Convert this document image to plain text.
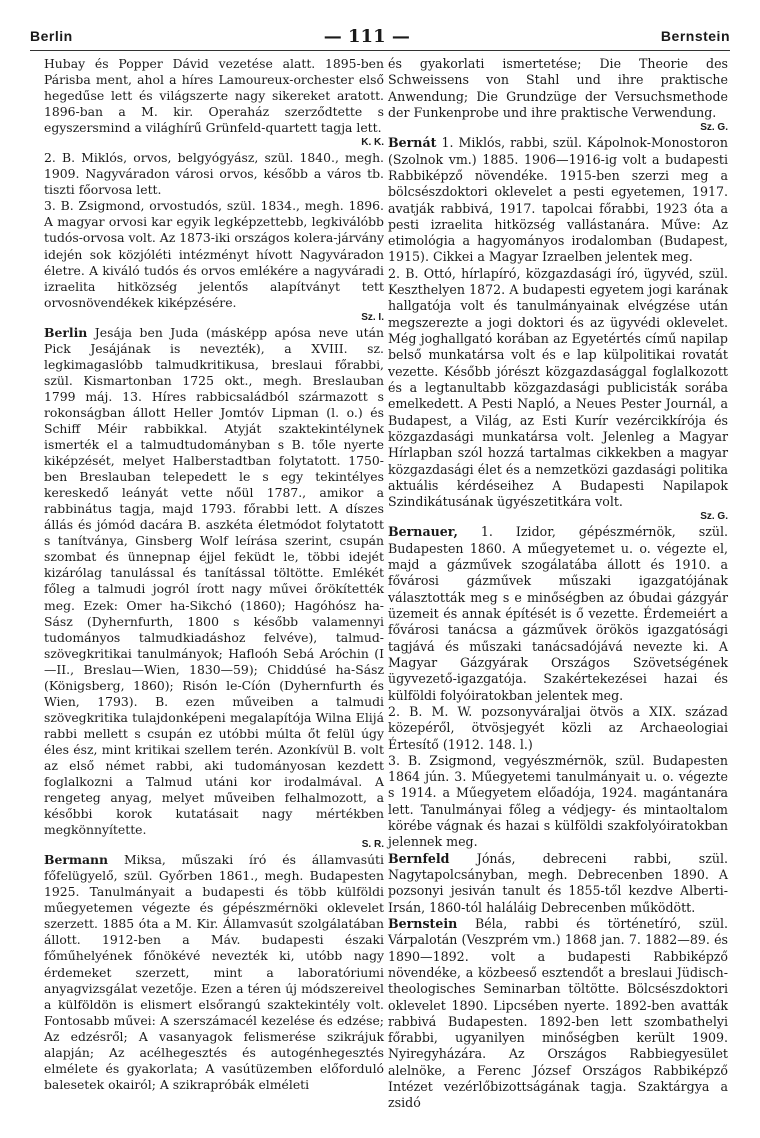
Berlin	— 111 —	Bernstein

Hubay és Popper Dávid vezetése alatt. 1895-ben Párisba ment, ahol a híres Lamoureux-orchester első hegedűse lett és világszerte nagy sikereket aratott. 1896-ban a M. kir. Operaház szerződtette s egyszersmind a világhírű Grünfeld-quartett tagja lett.

K. K.

2. B. Miklós, orvos, belgyógyász, szül. 1840., megh. 1909. Nagyváradon városi orvos, később a város tb. tiszti főorvosa lett.

3. B. Zsigmond, orvostudós, szül. 1834., megh. 1896. A magyar orvosi kar egyik legképzettebb, legkiválóbb tudós-orvosa volt. Az 1873-iki országos kolera-járvány idején sok közjóléti intézményt hívott Nagyváradon életre. A kiváló tudós és orvos emlékére a nagyváradi izraelita hitközség jelentős alapítványt tett orvosnövendékek kiképzésére.

Sz. I.

Berlin Jesája ben Juda (másképp apósa neve után Pick Jesájának is nevezték), a XVIII. sz. legkimagaslóbb talmudkritikusa, breslaui főrabbi, szül. Kismartonban 1725 okt., megh. Breslauban 1799 máj. 13. Híres rabbicsaládból származott s rokonságban állott Heller Jomtóv Lipman (l. o.) és Schiff Méir rabbikkal. Atyját szaktekintélynek ismerték el a talmudtudományban s B. tőle nyerte kiképzését, melyet Halberstadtban folytatott. 1750-ben Breslauban telepedett le s egy tekintélyes kereskedő leányát vette nőül 1787., amikor a rabbinátus tagja, majd 1793. főrabbi lett. A díszes állás és jómód dacára B. aszkéta életmódot folytatott s tanítványa, Ginsberg Wolf leírása szerint, csupán szombat és ünnepnap éjjel feküdt le, többi idejét kizárólag tanulással és tanítással töltötte. Emlékét főleg a talmudi jogról írott nagy művei őrökítették meg. Ezek: Omer ha-Sikchó (1860); Hagóhósz ha-Sász (Dyhernfurth, 1800 s később valamennyi tudományos talmudkiadáshoz felvéve), talmud-szövegkritikai tanulmányok; Hafloóh Sebá Aróchin (I—II., Breslau—Wien, 1830—59); Chiddúsé ha-Sász (Königsberg, 1860); Risón le-Cíón (Dyhernfurth és Wien, 1793). B. ezen műveiben a talmudi szövegkritika tulajdonképeni megalapítója Wilna Elijá rabbi mellett s csupán ez utóbbi múlta őt felül úgy éles ész, mint kritikai szellem terén. Azonkívül B. volt az első német rabbi, aki tudományosan kezdett foglalkozni a Talmud utáni kor irodalmával. A rengeteg anyag, melyet műveiben felhalmozott, a későbbi korok kutatásait nagy mértékben megkönnyítette.

S. R.

Bermann Miksa, műszaki író és államvasúti főfelügyelő, szül. Győrben 1861., megh. Budapesten 1925. Tanulmányait a budapesti és több külföldi műegyetemen végezte és gépészmérnöki oklevelet szerzett. 1885 óta a M. Kir. Államvasút szolgálatában állott. 1912-ben a Máv. budapesti északi főműhelyének főnökévé nevezték ki, utóbb nagy érdemeket szerzett, mint a laboratóriumi anyagvizsgálat vezetője. Ezen a téren új módszereivel a külföldön is elismert elsőrangú szaktekintély volt. Fontosabb művei: A szerszámacél kezelése és edzése; Az edzésről; A vasanyagok felismerése szikrájuk alapján; Az acélhegesztés és autogénhegesztés elmélete és gyakorlata; A vasútüzemben előforduló balesetek okairól; A szikrapróbák elméleti

és gyakorlati ismertetése; Die Theorie des Schweissens von Stahl und ihre praktische Anwendung; Die Grundzüge der Versuchsmethode der Funkenprobe und ihre praktische Verwendung.

Sz. G.

Bernát 1. Miklós, rabbi, szül. Kápolnok-Monostoron (Szolnok vm.) 1885. 1906—1916-ig volt a budapesti Rabbiképző növendéke. 1915-ben szerzi meg a bölcsészdoktori oklevelet a pesti egyetemen, 1917. avatják rabbivá, 1917. tapolcai főrabbi, 1923 óta a pesti izraelita hitközség vallástanára. Műve: Az etimológia a hagyományos irodalomban (Budapest, 1915). Cikkei a Magyar Izraelben jelentek meg.

2. B. Ottó, hírlapíró, közgazdasági író, ügyvéd, szül. Keszthelyen 1872. A budapesti egyetem jogi karának hallgatója volt és tanulmányainak elvégzése után megszerezte a jogi doktori és az ügyvédi oklevelet. Még joghallgató korában az Egyetértés című napilap belső munkatársa volt és e lap külpolitikai rovatát vezette. Később jórészt közgazdasággal foglalkozott és a legtanultabb közgazdasági publicisták sorába emelkedett. A Pesti Napló, a Neues Pester Journál, a Budapest, a Világ, az Esti Kurír vezércikkírója és közgazdasági munkatársa volt. Jelenleg a Magyar Hírlapban szól hozzá tartalmas cikkekben a magyar közgazdasági élet és a nemzetközi gazdasági politika aktuális kérdéseihez A Budapesti Napilapok Szindikátusának ügyészetitkára volt.

Sz. G.

Bernauer, 1. Izidor, gépészmérnök, szül. Budapesten 1860. A műegyetemet u. o. végezte el, majd a gázművek szogálatába állott és 1910. a fővárosi gázművek műszaki igazgatójának választották meg s e minőségben az óbudai gázgyár üzemeit és annak építését is ő vezette. Érdemeiért a fővárosi tanácsa a gázművek örökös igazgatósági tagjává és műszaki tanácsadójává nevezte ki. A Magyar Gázgyárak Országos Szövetségének ügyvezető-igazgatója. Szakértekezései hazai és külföldi folyóiratokban jelentek meg.

2. B. M. W. pozsonyváraljai ötvös a XIX. század közepéről, ötvösjegyét közli az Archaeologiai Értesítő (1912. 148. l.)

3. B. Zsigmond, vegyészmérnök, szül. Budapesten 1864 jún. 3. Műegyetemi tanulmányait u. o. végezte s 1914. a Műegyetem előadója, 1924. magántanára lett. Tanulmányai főleg a védjegy- és mintaoltalom körébe vágnak és hazai s külföldi szakfolyóiratokban jelennek meg.

Bernfeld Jónás, debreceni rabbi, szül. Nagytapolcsányban, megh. Debrecenben 1890. A pozsonyi jesiván tanult és 1855-től kezdve Alberti-Irsán, 1860-tól haláláig Debrecenben működött.

Bernstein Béla, rabbi és történetíró, szül. Várpalotán (Veszprém vm.) 1868 jan. 7. 1882—89. és 1890—1892. volt a budapesti Rabbiképző növendéke, a közbeeső esztendőt a breslaui Jüdisch-theologisches Seminarban töltötte. Bölcsészdoktori oklevelet 1890. Lipcsében nyerte. 1892-ben avatták rabbivá Budapesten. 1892-ben lett szombathelyi főrabbi, ugyanilyen minőségben került 1909. Nyiregyházára. Az Országos Rabbiegyesület alelnöke, a Ferenc József Országos Rabbiképző Intézet vezérlőbizottságának tagja. Szaktárgya a zsidó
